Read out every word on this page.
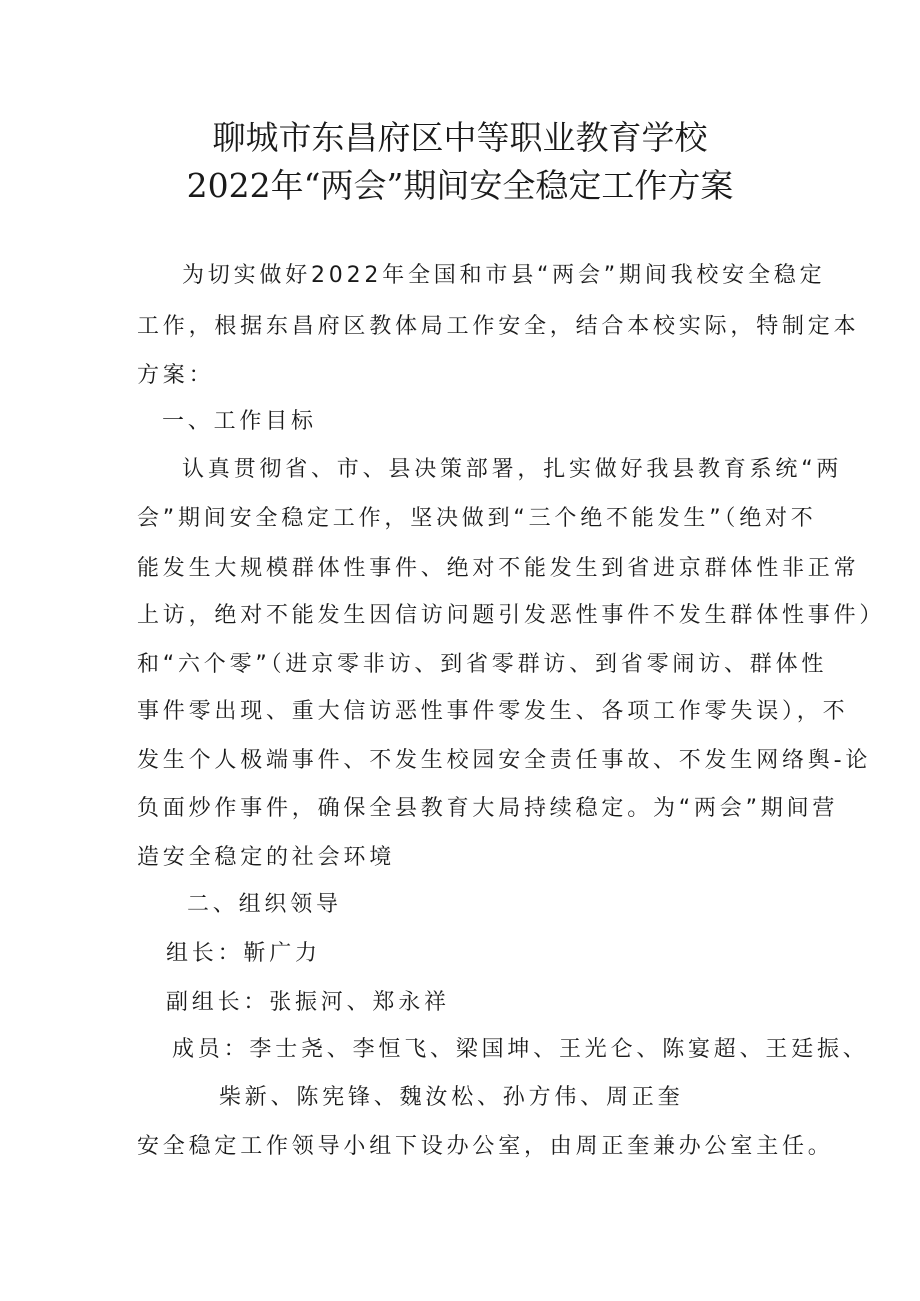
聊城市东昌府区中等职业教育学校
2022年“两会”期间安全稳定工作方案
为切实做好2022年全国和市县“两会”期间我校安全稳定
工作，根据东昌府区教体局工作安全，结合本校实际，特制定本
方案：
一、工作目标
认真贯彻省、市、县决策部署，扎实做好我县教育系统“两
会”期间安全稳定工作，坚决做到“三个绝不能发生”（绝对不
能发生大规模群体性事件、绝对不能发生到省进京群体性非正常
上访，绝对不能发生因信访问题引发恶性事件不发生群体性事件）
和“六个零”（进京零非访、到省零群访、到省零闹访、群体性
事件零出现、重大信访恶性事件零发生、各项工作零失误），不
发生个人极端事件、不发生校园安全责任事故、不发生网络舆-论
负面炒作事件，确保全县教育大局持续稳定。为“两会”期间营
造安全稳定的社会环境
二、组织领导
组长：靳广力
副组长：张振河、郑永祥
成员：李士尧、李恒飞、梁国坤、王光仑、陈宴超、王廷振、
柴新、陈宪锋、魏汝松、孙方伟、周正奎
安全稳定工作领导小组下设办公室，由周正奎兼办公室主任。
